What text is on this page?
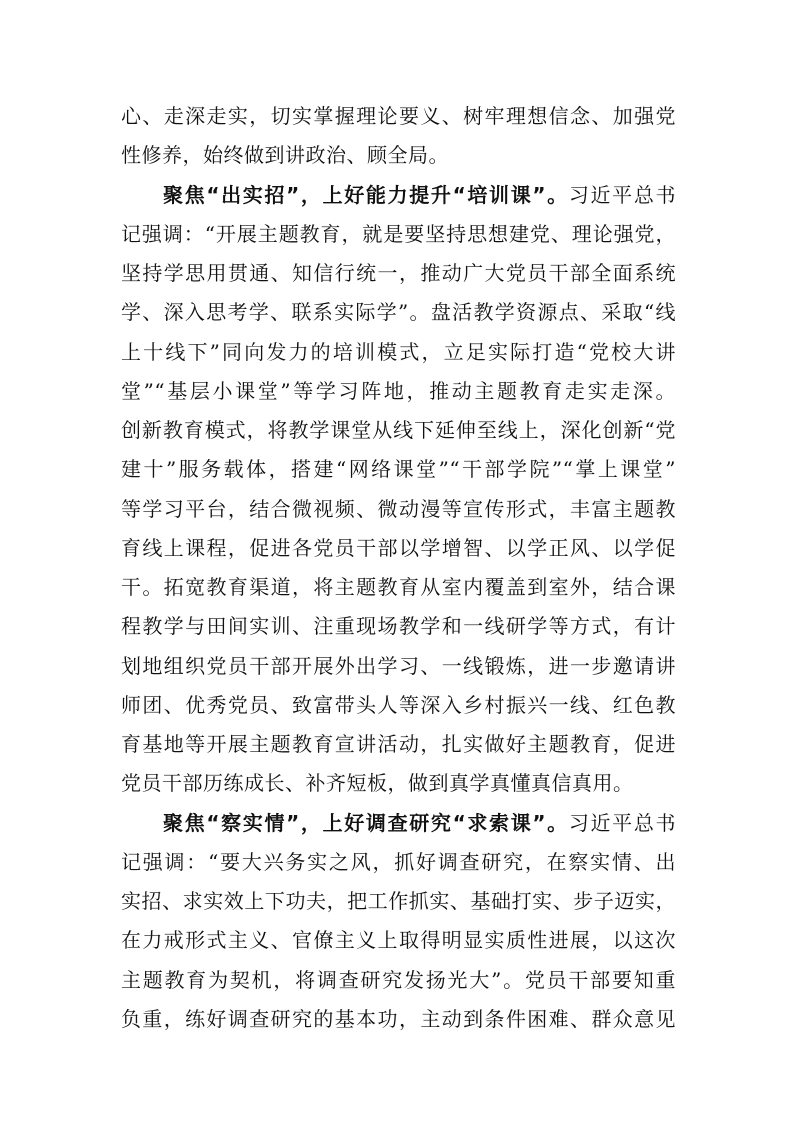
心、走深走实，切实掌握理论要义、树牢理想信念、加强党
性修养，始终做到讲政治、顾全局。
聚焦“出实招”，上好能力提升“培训课”。习近平总书
记强调：“开展主题教育，就是要坚持思想建党、理论强党，
坚持学思用贯通、知信行统一，推动广大党员干部全面系统
学、深入思考学、联系实际学”。盘活教学资源点、采取“线
上十线下”同向发力的培训模式，立足实际打造“党校大讲
堂”“基层小课堂”等学习阵地，推动主题教育走实走深。
创新教育模式，将教学课堂从线下延伸至线上，深化创新“党
建十”服务载体，搭建“网络课堂”“干部学院”“掌上课堂”
等学习平台，结合微视频、微动漫等宣传形式，丰富主题教
育线上课程，促进各党员干部以学增智、以学正风、以学促
干。拓宽教育渠道，将主题教育从室内覆盖到室外，结合课
程教学与田间实训、注重现场教学和一线研学等方式，有计
划地组织党员干部开展外出学习、一线锻炼，进一步邀请讲
师团、优秀党员、致富带头人等深入乡村振兴一线、红色教
育基地等开展主题教育宣讲活动，扎实做好主题教育，促进
党员干部历练成长、补齐短板，做到真学真懂真信真用。
聚焦“察实情”，上好调查研究“求索课”。习近平总书
记强调：“要大兴务实之风，抓好调查研究，在察实情、出
实招、求实效上下功夫，把工作抓实、基础打实、步子迈实，
在力戒形式主义、官僚主义上取得明显实质性进展，以这次
主题教育为契机，将调查研究发扬光大”。党员干部要知重
负重，练好调查研究的基本功，主动到条件困难、群众意见
